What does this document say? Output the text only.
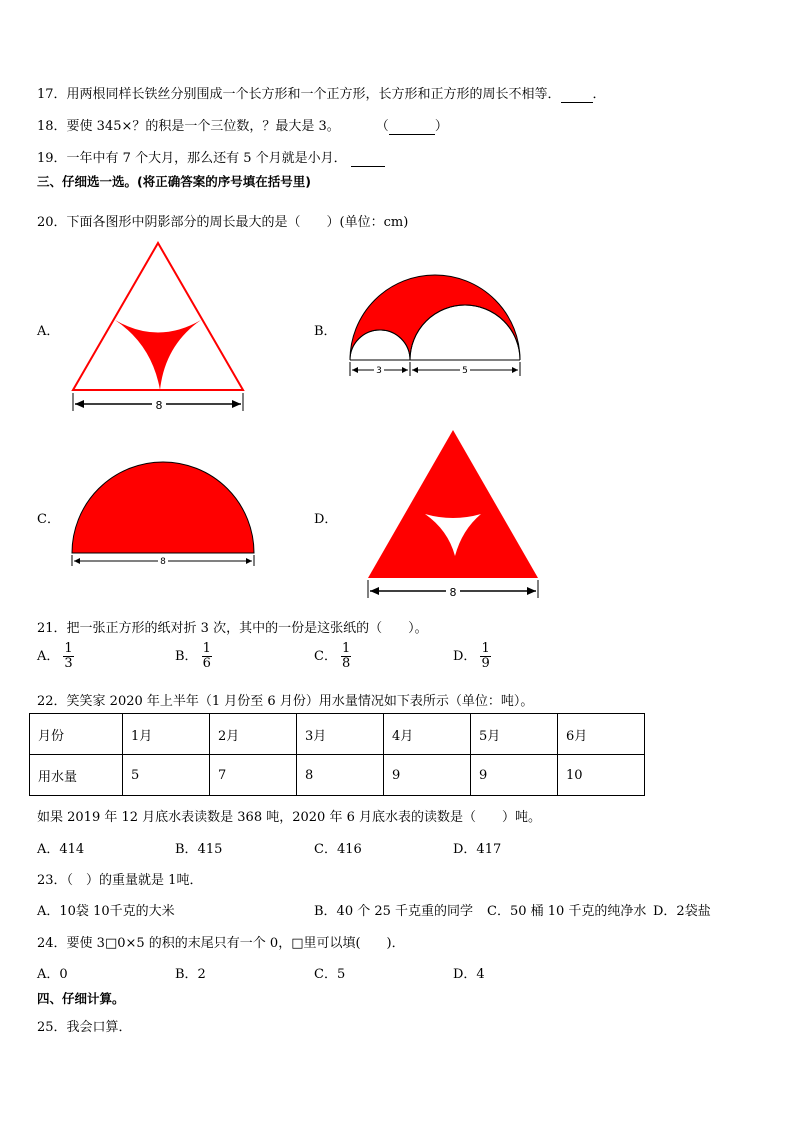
17．用两根同样长铁丝分别围成一个长方形和一个正方形，长方形和正方形的周长不相等． ．
18．要使 345×？的积是一个三位数，？最大是 3。	（	）
19．一年中有 7 个大月，那么还有 5 个月就是小月．
三、仔细选一选。(将正确答案的序号填在括号里)
20．下面各图形中阴影部分的周长最大的是（　　）(单位：cm)
A．	B．
C．	D．
8
3	5
8
8
21．把一张正方形的纸对折 3 次，其中的一份是这张纸的（　　）。
A． $\frac{1}{3}$	B． $\frac{1}{6}$	C． $\frac{1}{8}$	D． $\frac{1}{9}$
22．笑笑家 2020 年上半年（1 月份至 6 月份）用水量情况如下表所示（单位：吨）。
月份	1月	2月	3月	4月	5月	6月
用水量	5	7	8	9	9	10
如果 2019 年 12 月底水表读数是 368 吨，2020 年 6 月底水表的读数是（　　）吨。
A．414	B．415	C．416	D．417
23．（　）的重量就是 1吨．
A．10袋 10千克的大米	B．40 个 25 千克重的同学 C．50 桶 10 千克的纯净水 D．2袋盐
24．要使 3□0×5 的积的末尾只有一个 0，□里可以填(　　)．
A．0	B．2	C．5	D．4
四、仔细计算。
25．我会口算．
